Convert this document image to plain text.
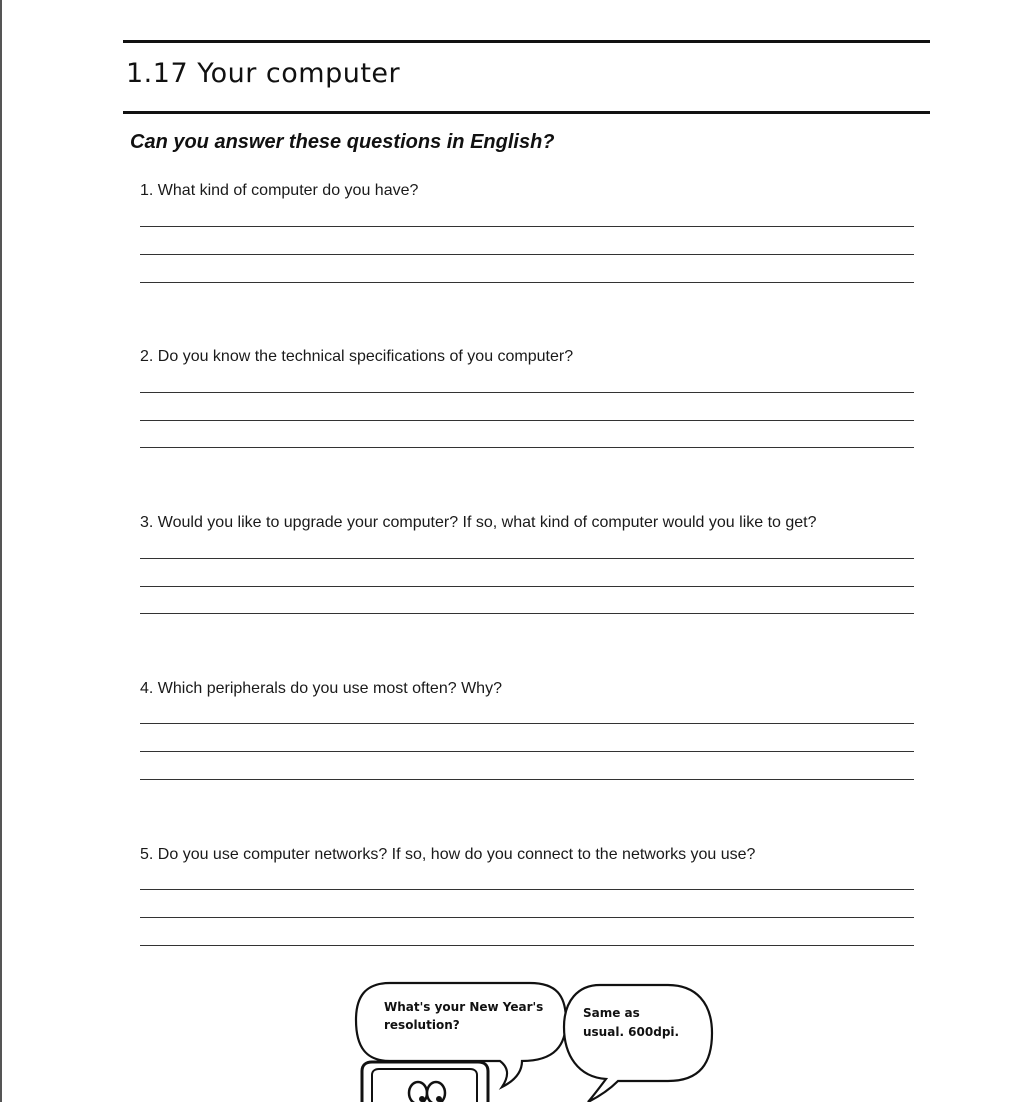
1.17 Your computer
Can you answer these questions in English?
1. What kind of computer do you have?
2. Do you know the technical specifications of you computer?
3. Would you like to upgrade your computer? If so, what kind of computer would you like to get?
4. Which peripherals do you use most often? Why?
5. Do you use computer networks? If so, how do you connect to the networks you use?
What's your New Year's
resolution?
Same as
usual. 600dpi.
